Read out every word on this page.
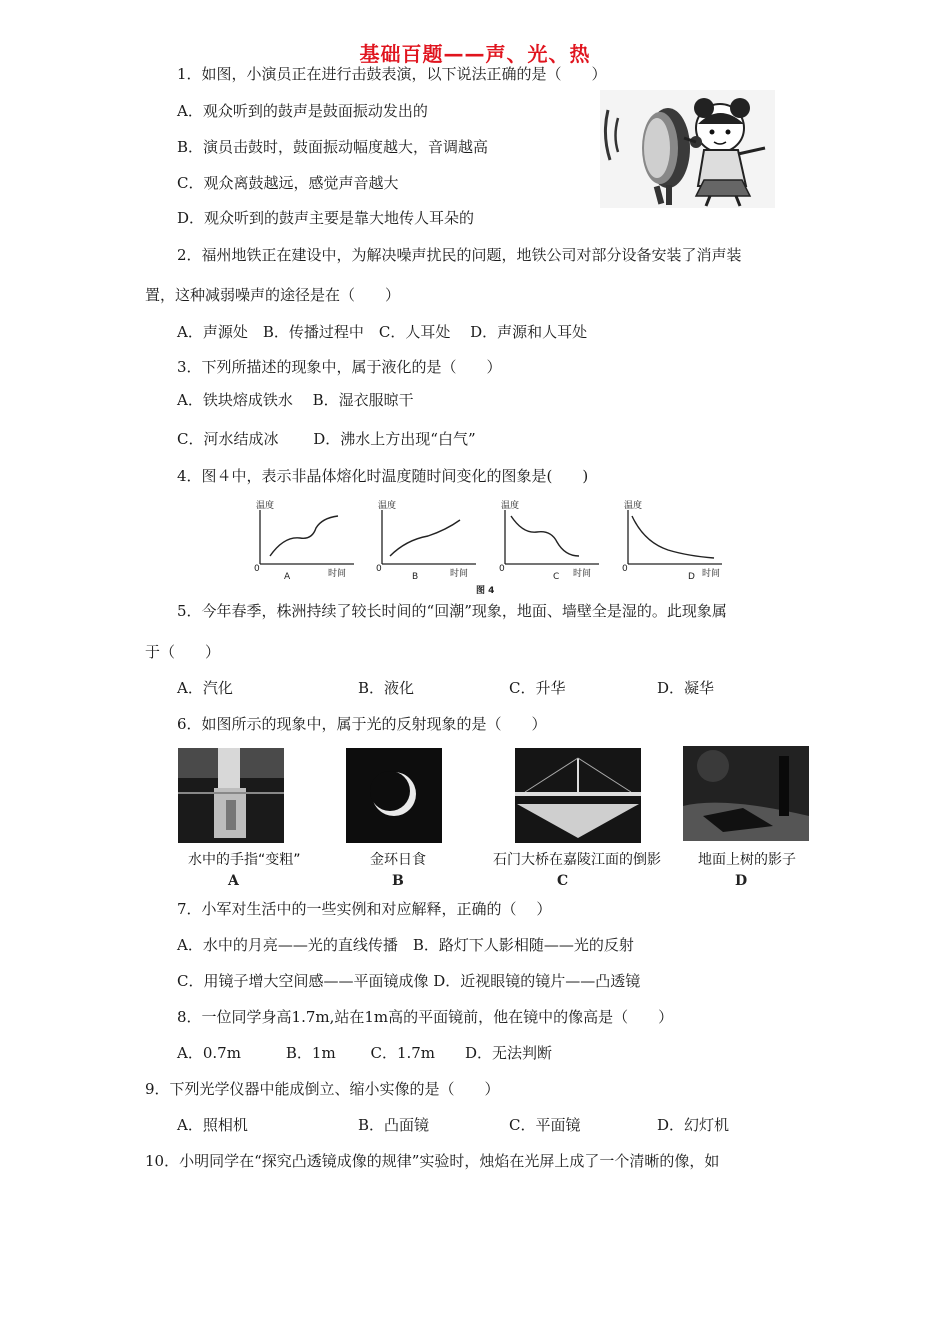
基础百题——声、光、热
1．如图，小演员正在进行击鼓表演，以下说法正确的是（　　）
A．观众听到的鼓声是鼓面振动发出的
B．演员击鼓时，鼓面振动幅度越大，音调越高
C．观众离鼓越远，感觉声音越大
D．观众听到的鼓声主要是靠大地传人耳朵的
2．福州地铁正在建设中，为解决噪声扰民的问题，地铁公司对部分设备安装了消声装
置，这种减弱噪声的途径是在（　　）
A．声源处　B．传播过程中　C．人耳处　 D．声源和人耳处
3．下列所描述的现象中，属于液化的是（　　）
A．铁块熔成铁水　 B．湿衣服晾干
C．河水结成冰　　 D．沸水上方出现“白气”
4．图４中，表示非晶体熔化时温度随时间变化的图象是(　　)
温度
时间
0
A
温度
时间
0
B
温度
时间
0
C
温度
时间
0
D
图 4
5．今年春季，株洲持续了较长时间的“回潮”现象，地面、墙壁全是湿的。此现象属
于（　　）
A．汽化	B．液化	C．升华	D．凝华
6．如图所示的现象中，属于光的反射现象的是（　　）
水中的手指“变粗”	金环日食	石门大桥在嘉陵江面的倒影	地面上树的影子
A	B	C	D
7．小军对生活中的一些实例和对应解释，正确的（　 ）
A．水中的月亮——光的直线传播　B．路灯下人影相随——光的反射
C．用镜子增大空间感——平面镜成像 D．近视眼镜的镜片——凸透镜
8．一位同学身高1.7m,站在1m高的平面镜前，他在镜中的像高是（　　）
A．0.7m　　　B．1m　　 C．1.7m　　D．无法判断
9．下列光学仪器中能成倒立、缩小实像的是（　　）
A．照相机	B．凸面镜	C．平面镜	D．幻灯机
10．小明同学在“探究凸透镜成像的规律”实验时，烛焰在光屏上成了一个清晰的像，如
